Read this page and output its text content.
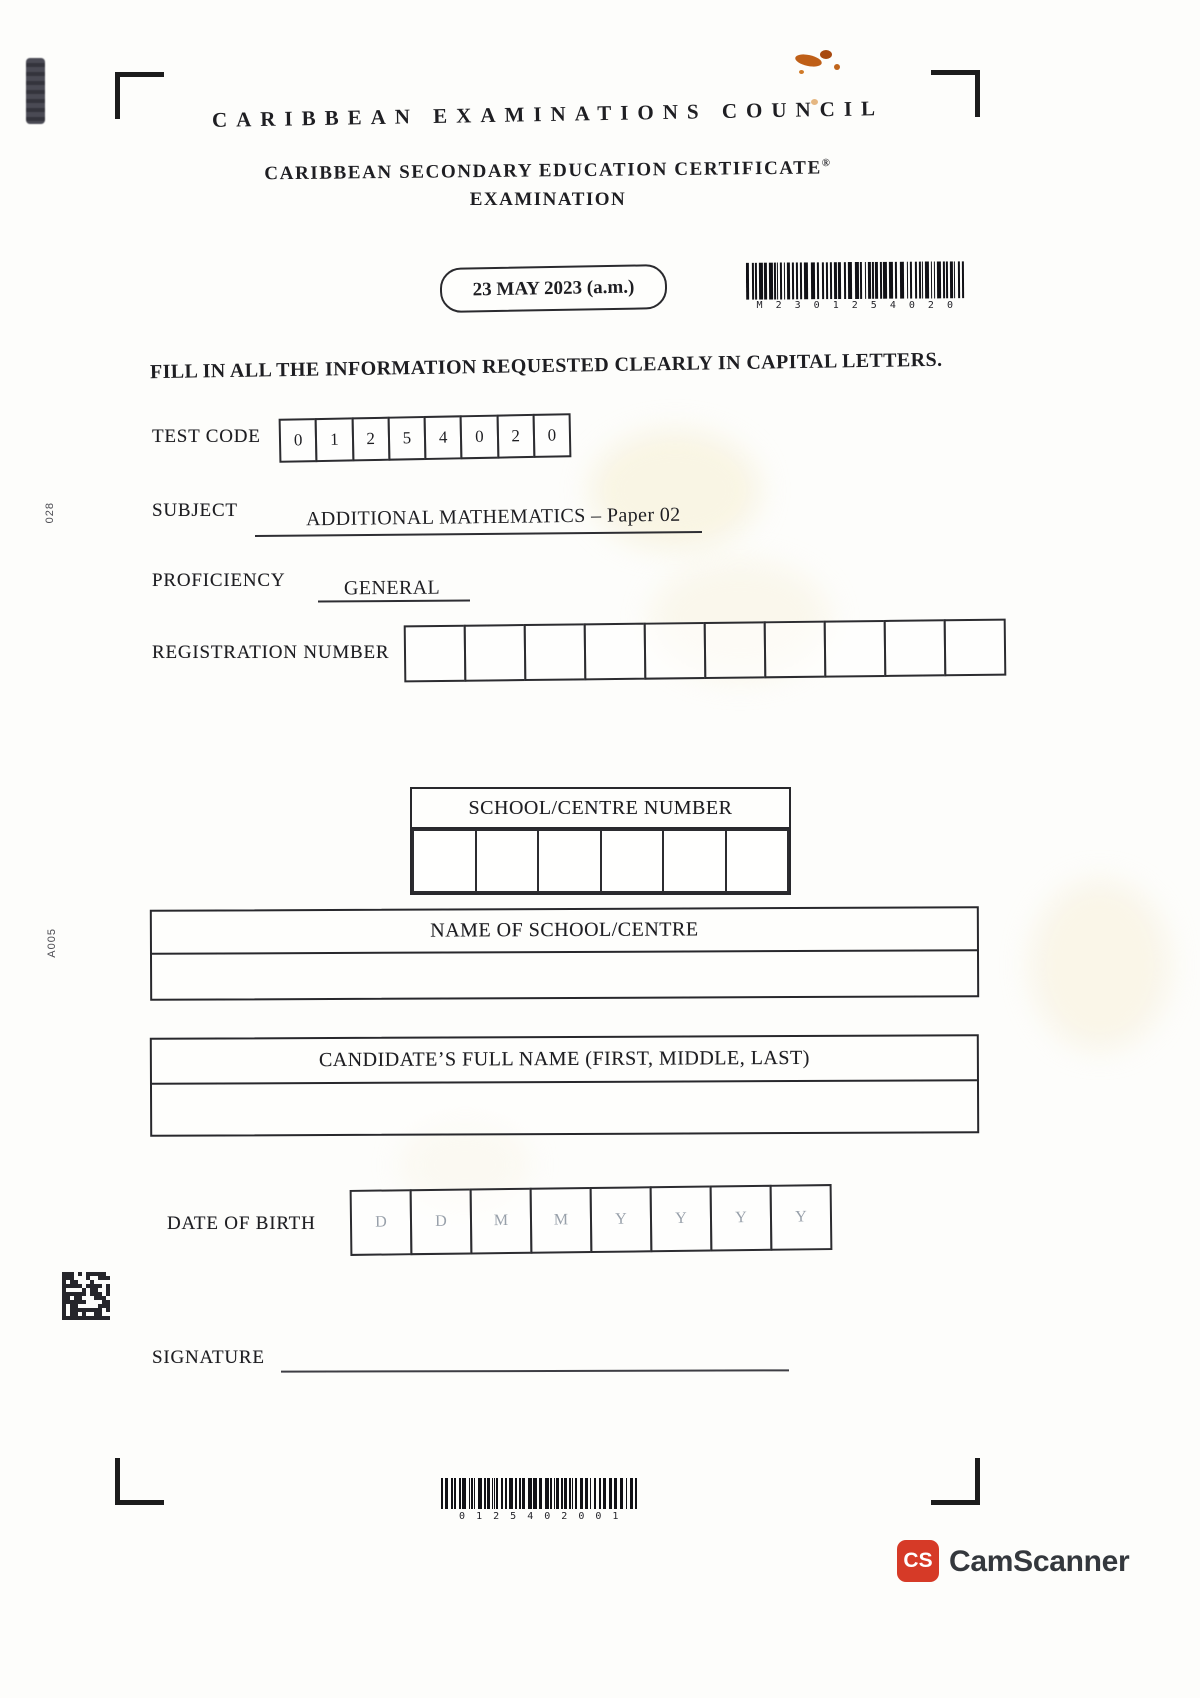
028
A005
CARIBBEAN EXAMINATIONS COUNCIL
CARIBBEAN SECONDARY EDUCATION CERTIFICATE®
EXAMINATION
23 MAY 2023 (a.m.)
M 2 3 0 1 2 5 4 0 2 0
FILL IN ALL THE INFORMATION REQUESTED CLEARLY IN CAPITAL LETTERS.
TEST CODE	0	1	2	5	4	0	2	0
SUBJECT	ADDITIONAL MATHEMATICS – Paper 02
PROFICIENCY	GENERAL
REGISTRATION NUMBER
SCHOOL/CENTRE NUMBER
NAME OF SCHOOL/CENTRE
CANDIDATE’S FULL NAME (FIRST, MIDDLE, LAST)
DATE OF BIRTH	D	D	M	M	Y	Y	Y	Y
SIGNATURE
0 1 2 5 4 0 2 0 0 1
CS CamScanner
